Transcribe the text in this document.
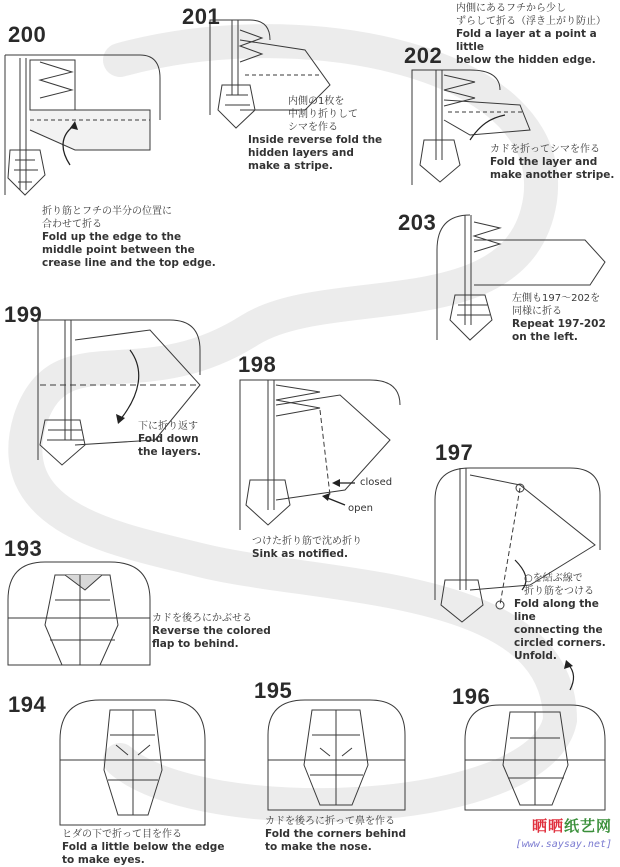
200
201
202
203
199
198
197
193
194
195	196
折り筋とフチの半分の位置に
合わせて折る
Fold up the edge to the
middle point between the
crease line and the top edge.
内側の1枚を
中割り折りして
シマを作る
Inside reverse fold the
hidden layers and
make a stripe.
内側にあるフチから少し
ずらして折る（浮き上がり防止）
Fold a layer at a point a little
below the hidden edge.
カドを折ってシマを作る
Fold the layer and
make another stripe.
左側も197〜202を
同様に折る
Repeat 197-202
on the left.
下に折り返す
Fold down
the layers.
closed
open
つけた折り筋で沈め折り
Sink as notified.
○を結ぶ線で
折り筋をつける
Fold along the line
connecting the
circled corners.
Unfold.
カドを後ろにかぶせる
Reverse the colored
flap to behind.
ヒダの下で折って目を作る
Fold a little below the edge
to make eyes.
カドを後ろに折って鼻を作る
Fold the corners behind
to make the nose.
晒晒纸艺网
[www.saysay.net]
